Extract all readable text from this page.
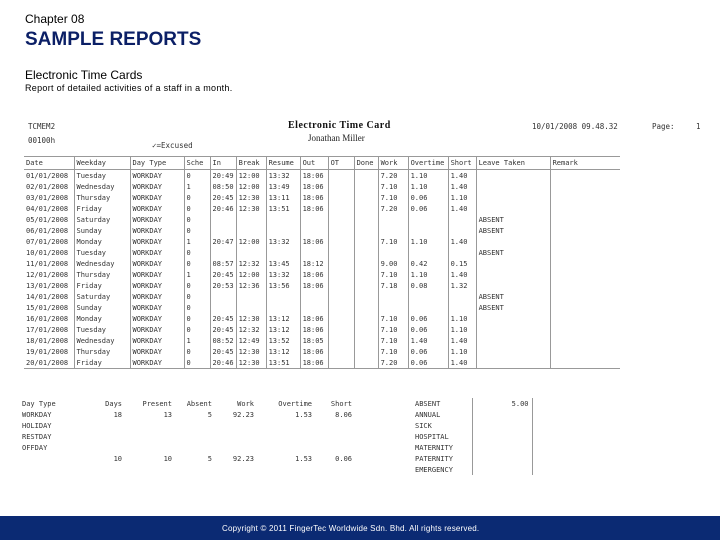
Chapter 08
SAMPLE REPORTS
Electronic Time Cards
Report of detailed activities of a staff in a month.
TCMEM2
00100h
✓=Excused
Electronic Time Card
Jonathan Miller
10/01/2008 09.48.32	Page:	1
Date	Weekday	Day Type	Sche	In	Break	Resume	Out	OT	Done	Work	Overtime	Short	Leave Taken	Remark
01/01/2008	Tuesday	WORKDAY	0	20:49	12:00	13:32	18:06			7.20	1.10	1.40		
02/01/2008	Wednesday	WORKDAY	1	08:50	12:00	13:49	18:06			7.10	1.10	1.40		
03/01/2008	Thursday	WORKDAY	0	20:45	12:30	13:11	18:06			7.10	0.06	1.10		
04/01/2008	Friday	WORKDAY	0	20:46	12:30	13:51	18:06			7.20	0.06	1.40		
05/01/2008	Saturday	WORKDAY	0										ABSENT	
06/01/2008	Sunday	WORKDAY	0										ABSENT	
07/01/2008	Monday	WORKDAY	1	20:47	12:00	13:32	18:06			7.10	1.10	1.40		
10/01/2008	Tuesday	WORKDAY	0										ABSENT	
11/01/2008	Wednesday	WORKDAY	0	08:57	12:32	13:45	18:12			9.00	0.42	0.15		
12/01/2008	Thursday	WORKDAY	1	20:45	12:00	13:32	18:06			7.10	1.10	1.40		
13/01/2008	Friday	WORKDAY	0	20:53	12:36	13:56	18:06			7.18	0.08	1.32		
14/01/2008	Saturday	WORKDAY	0										ABSENT	
15/01/2008	Sunday	WORKDAY	0										ABSENT	
16/01/2008	Monday	WORKDAY	0	20:45	12:30	13:12	18:06			7.10	0.06	1.10		
17/01/2008	Tuesday	WORKDAY	0	20:45	12:32	13:12	18:06			7.10	0.06	1.10		
18/01/2008	Wednesday	WORKDAY	1	08:52	12:49	13:52	18:05			7.10	1.40	1.40		
19/01/2008	Thursday	WORKDAY	0	20:45	12:30	13:12	18:06			7.10	0.06	1.10		
20/01/2008	Friday	WORKDAY	0	20:46	12:30	13:51	18:06			7.20	0.06	1.40		
Day Type	Days	Present	Absent	Work	Overtime	Short
WORKDAY	18	13	5	92.23	1.53	8.06
HOLIDAY						
RESTDAY						
OFFDAY						
	10	10	5	92.23	1.53	0.06
ABSENT	5.00
ANNUAL	
SICK	
HOSPITAL	
MATERNITY	
PATERNITY	
EMERGENCY	
Copyright © 2011 FingerTec Worldwide Sdn. Bhd. All rights reserved.
